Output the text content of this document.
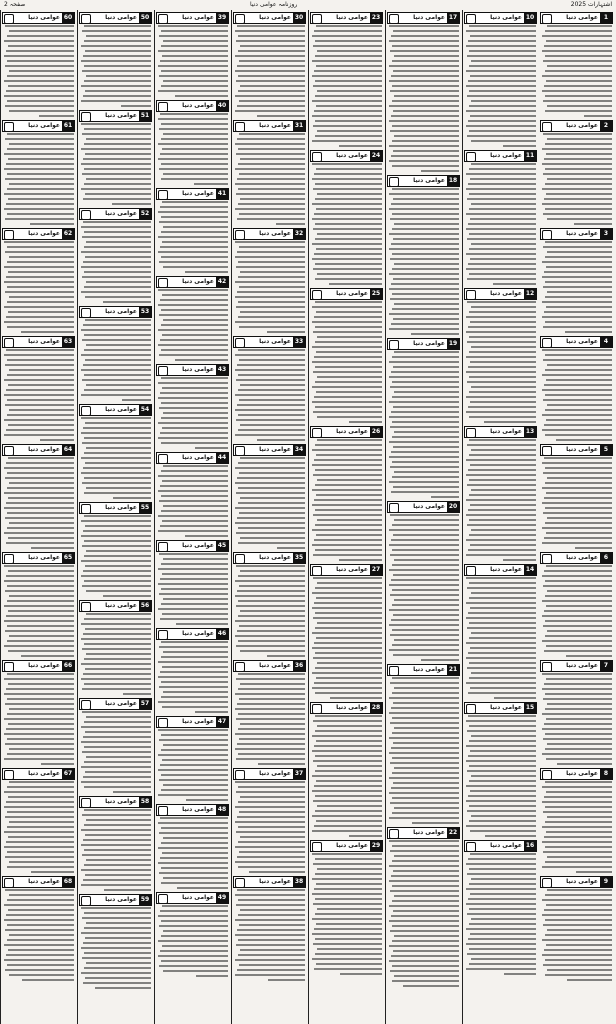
صفحہ 2	روزنامہ عوامی دنیا	2025 اشتہارات
1
عوامی دنیا
2
عوامی دنیا
3
عوامی دنیا
4
عوامی دنیا
5
عوامی دنیا
6
عوامی دنیا
7
عوامی دنیا
8
عوامی دنیا
9
عوامی دنیا
10
عوامی دنیا
11
عوامی دنیا
12
عوامی دنیا
13
عوامی دنیا
14
عوامی دنیا
15
عوامی دنیا
16
عوامی دنیا
17
عوامی دنیا
18
عوامی دنیا
19
عوامی دنیا
20
عوامی دنیا
21
عوامی دنیا
22
عوامی دنیا
23
عوامی دنیا
24
عوامی دنیا
25
عوامی دنیا
26
عوامی دنیا
27
عوامی دنیا
28
عوامی دنیا
29
عوامی دنیا
30
عوامی دنیا
31
عوامی دنیا
32
عوامی دنیا
33
عوامی دنیا
34
عوامی دنیا
35
عوامی دنیا
36
عوامی دنیا
37
عوامی دنیا
38
عوامی دنیا
39
عوامی دنیا
40
عوامی دنیا
41
عوامی دنیا
42
عوامی دنیا
43
عوامی دنیا
44
عوامی دنیا
45
عوامی دنیا
46
عوامی دنیا
47
عوامی دنیا
48
عوامی دنیا
49
عوامی دنیا
50
عوامی دنیا
51
عوامی دنیا
52
عوامی دنیا
53
عوامی دنیا
54
عوامی دنیا
55
عوامی دنیا
56
عوامی دنیا
57
عوامی دنیا
58
عوامی دنیا
59
عوامی دنیا
60
عوامی دنیا
61
عوامی دنیا
62
عوامی دنیا
63
عوامی دنیا
64
عوامی دنیا
65
عوامی دنیا
66
عوامی دنیا
67
عوامی دنیا
68
عوامی دنیا
